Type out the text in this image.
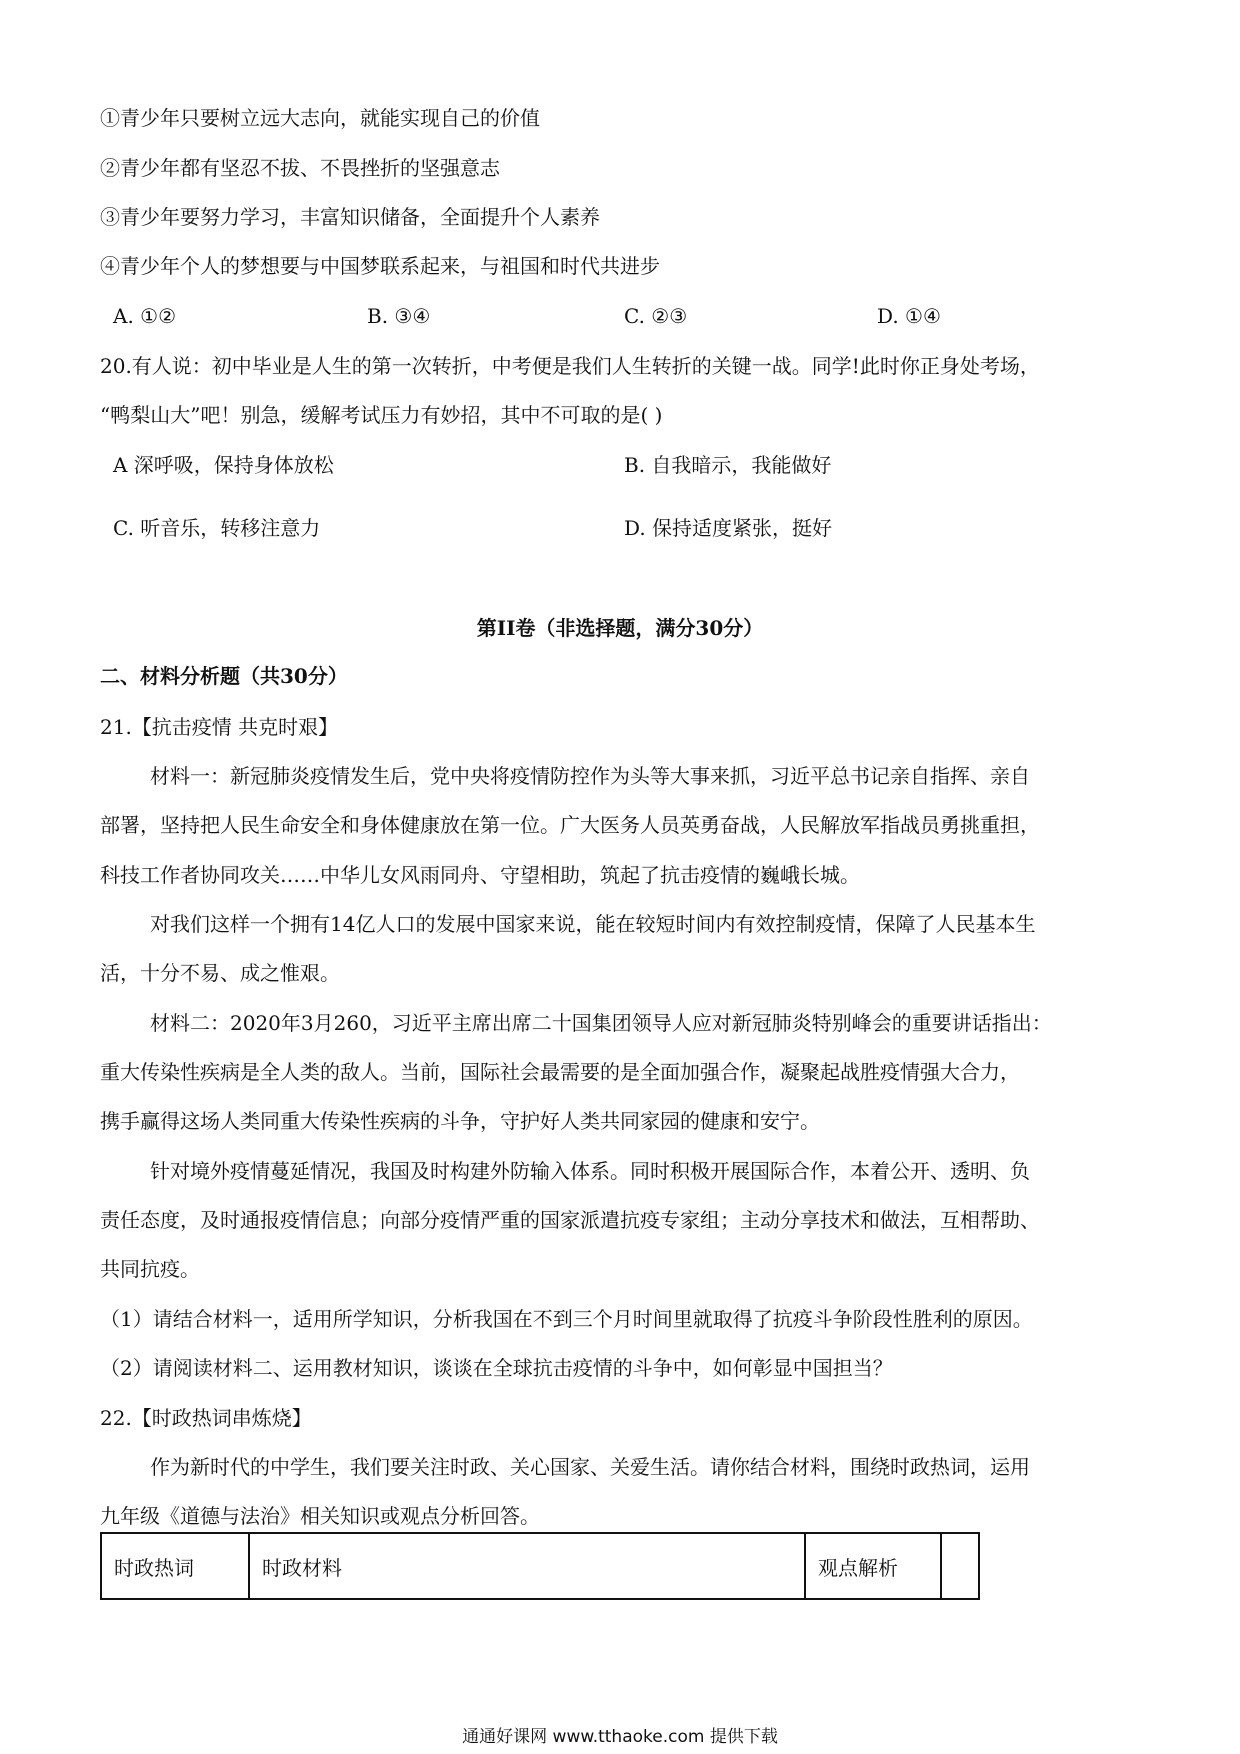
①青少年只要树立远大志向，就能实现自己的价值
②青少年都有坚忍不拔、不畏挫折的坚强意志
③青少年要努力学习，丰富知识储备，全面提升个人素养
④青少年个人的梦想要与中国梦联系起来，与祖国和时代共进步
A. ①②	B. ③④	C. ②③	D. ①④
20.有人说：初中毕业是人生的第一次转折，中考便是我们人生转折的关键一战。同学!此时你正身处考场，
“鸭梨山大”吧！别急，缓解考试压力有妙招，其中不可取的是( )
A 深呼吸，保持身体放松	B. 自我暗示，我能做好
C. 听音乐，转移注意力	D. 保持适度紧张，挺好
第II卷（非选择题，满分30分）
二、材料分析题（共30分）
21.【抗击疫情 共克时艰】
材料一：新冠肺炎疫情发生后，党中央将疫情防控作为头等大事来抓，习近平总书记亲自指挥、亲自
部署，坚持把人民生命安全和身体健康放在第一位。广大医务人员英勇奋战，人民解放军指战员勇挑重担，
科技工作者协同攻关……中华儿女风雨同舟、守望相助，筑起了抗击疫情的巍峨长城。
对我们这样一个拥有14亿人口的发展中国家来说，能在较短时间内有效控制疫情，保障了人民基本生
活，十分不易、成之惟艰。
材料二：2020年3月260，习近平主席出席二十国集团领导人应对新冠肺炎特别峰会的重要讲话指出：
重大传染性疾病是全人类的敌人。当前，国际社会最需要的是全面加强合作，凝聚起战胜疫情强大合力，
携手赢得这场人类同重大传染性疾病的斗争，守护好人类共同家园的健康和安宁。
针对境外疫情蔓延情况，我国及时构建外防输入体系。同时积极开展国际合作，本着公开、透明、负
责任态度，及时通报疫情信息；向部分疫情严重的国家派遣抗疫专家组；主动分享技术和做法，互相帮助、
共同抗疫。
（1）请结合材料一，适用所学知识，分析我国在不到三个月时间里就取得了抗疫斗争阶段性胜利的原因。
（2）请阅读材料二、运用教材知识，谈谈在全球抗击疫情的斗争中，如何彰显中国担当？
22.【时政热词串炼烧】
作为新时代的中学生，我们要关注时政、关心国家、关爱生活。请你结合材料，围绕时政热词，运用
九年级《道德与法治》相关知识或观点分析回答。
时政热词	时政材料	观点解析	
通通好课网 www.tthaoke.com 提供下载
